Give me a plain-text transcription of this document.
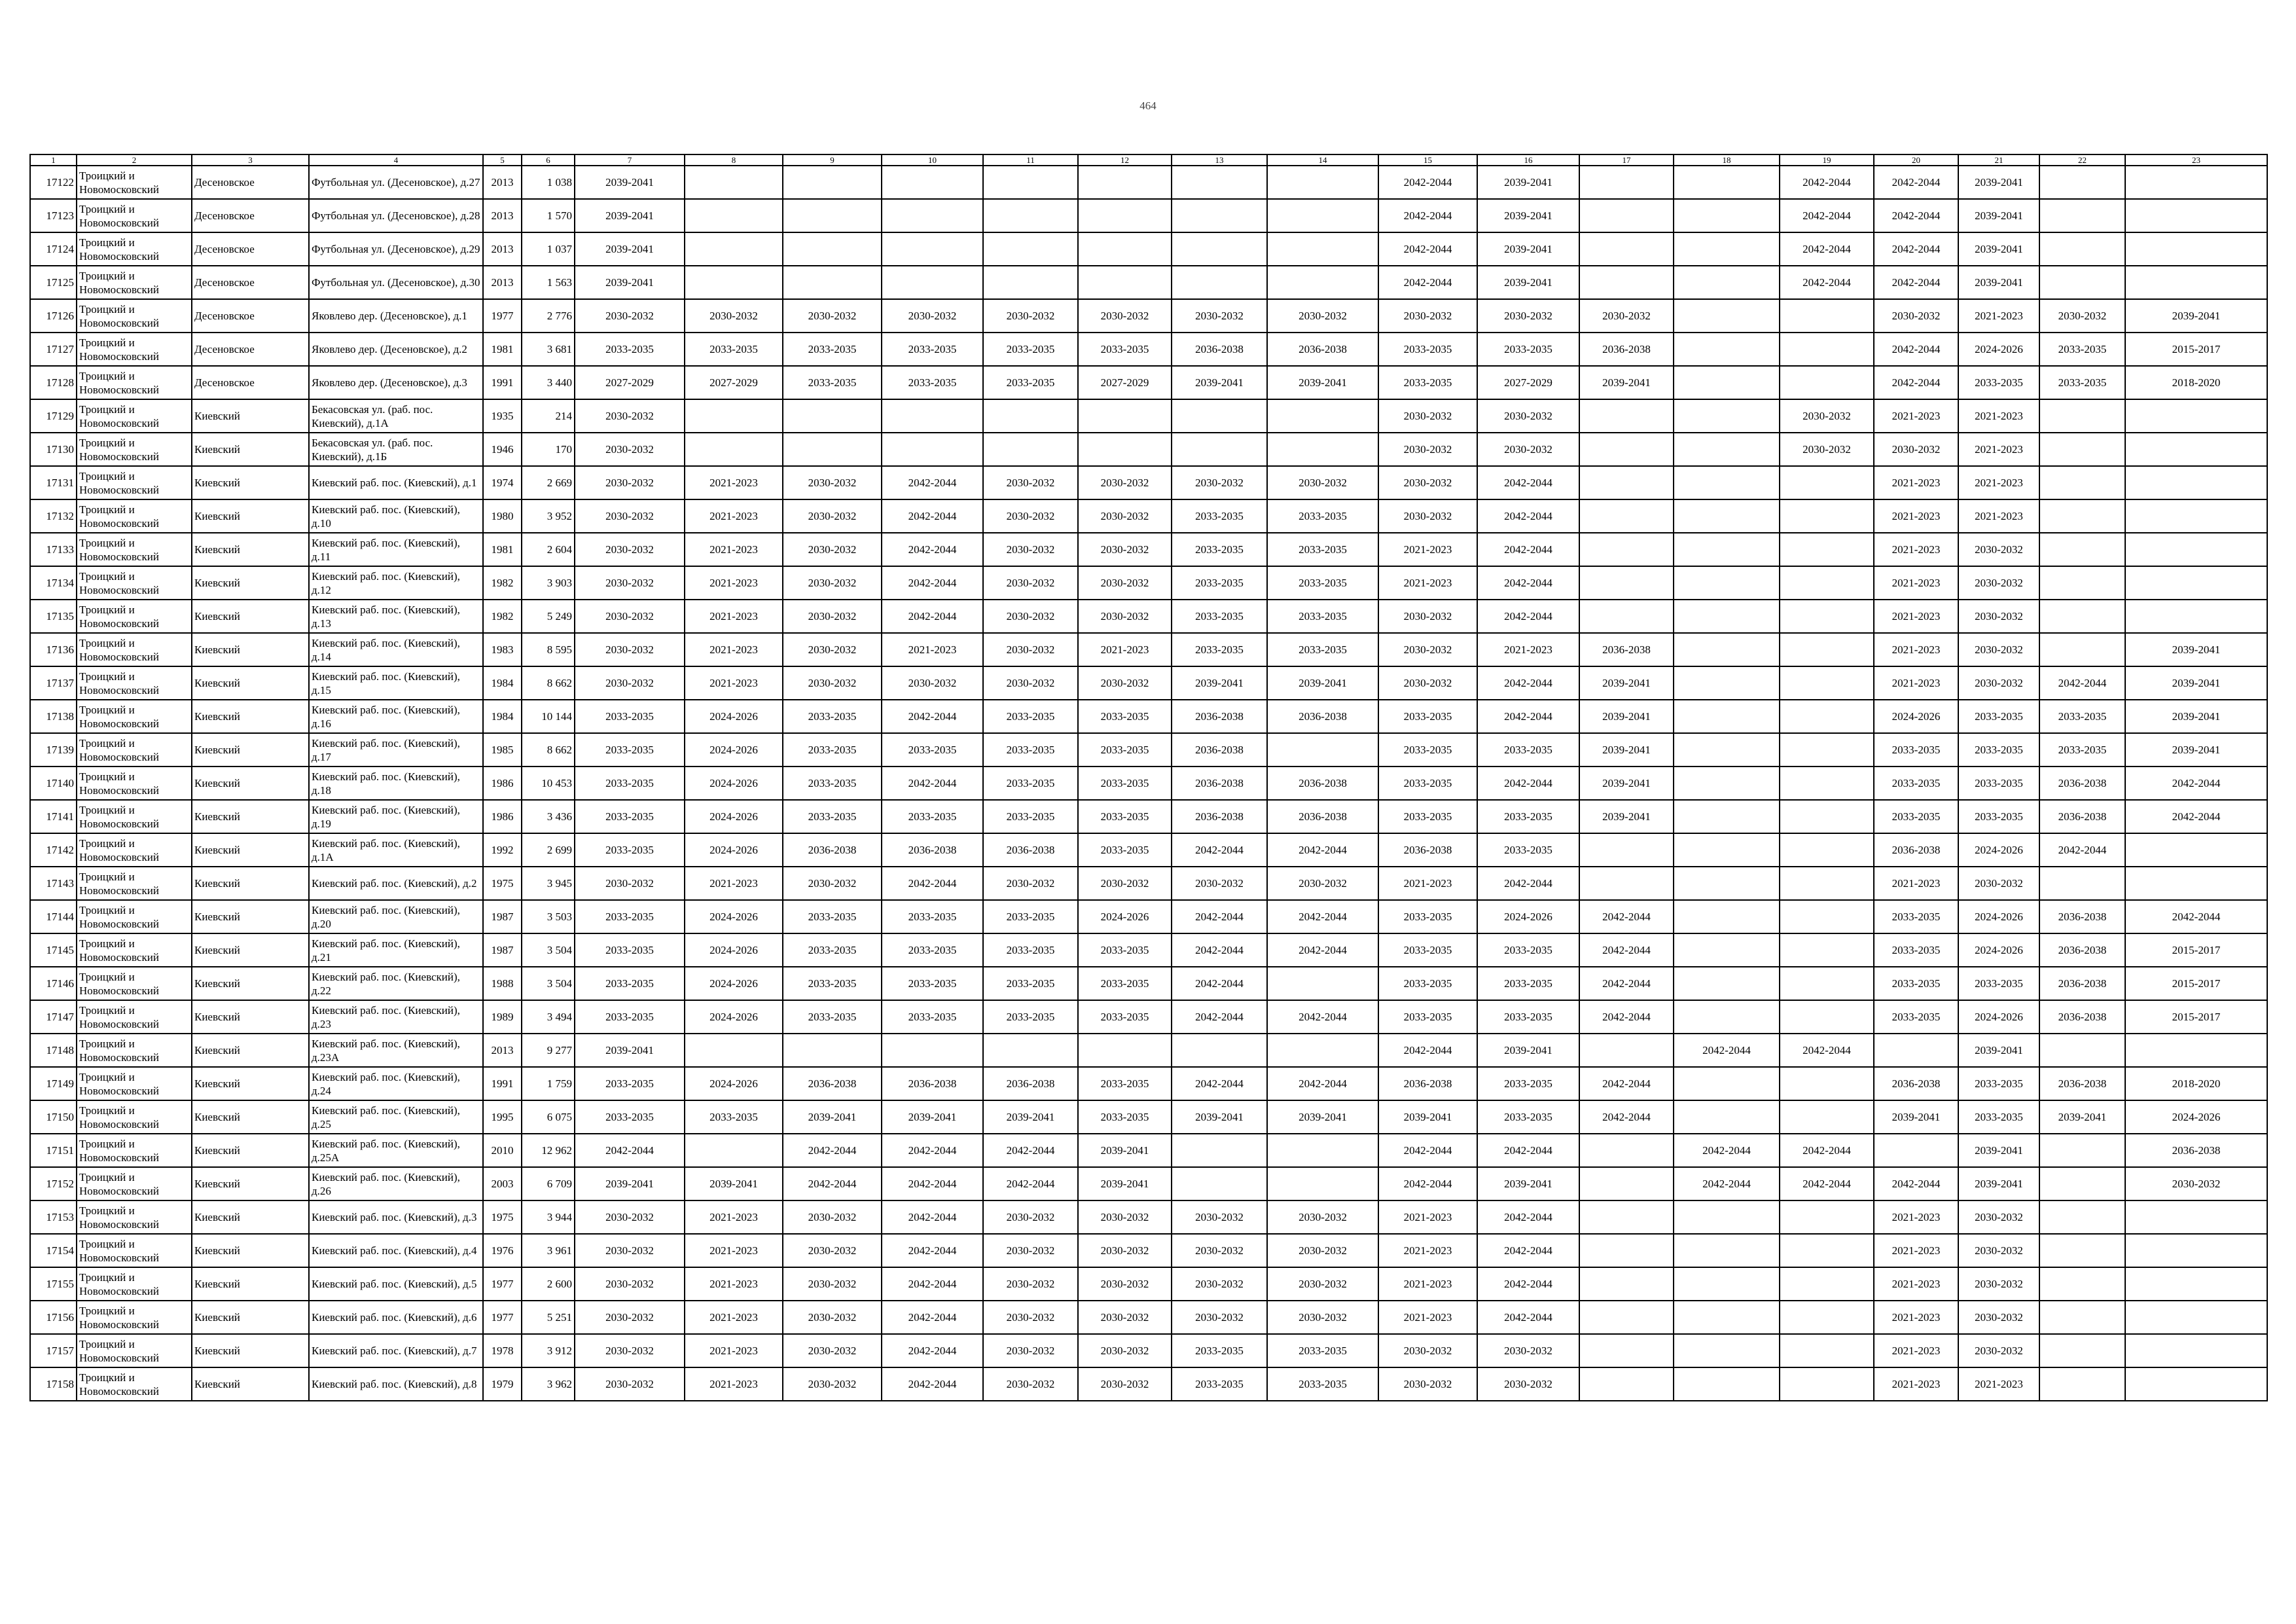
464
1	2	3	4	5	6	7	8	9	10	11	12	13	14	15	16	17	18	19	20	21	22	23
17122	Троицкий и Новомосковский	Десеновское	Футбольная ул. (Десеновское), д.27	2013	1 038	2039-2041								2042-2044	2039-2041			2042-2044	2042-2044	2039-2041		
17123	Троицкий и Новомосковский	Десеновское	Футбольная ул. (Десеновское), д.28	2013	1 570	2039-2041								2042-2044	2039-2041			2042-2044	2042-2044	2039-2041		
17124	Троицкий и Новомосковский	Десеновское	Футбольная ул. (Десеновское), д.29	2013	1 037	2039-2041								2042-2044	2039-2041			2042-2044	2042-2044	2039-2041		
17125	Троицкий и Новомосковский	Десеновское	Футбольная ул. (Десеновское), д.30	2013	1 563	2039-2041								2042-2044	2039-2041			2042-2044	2042-2044	2039-2041		
17126	Троицкий и Новомосковский	Десеновское	Яковлево дер. (Десеновское), д.1	1977	2 776	2030-2032	2030-2032	2030-2032	2030-2032	2030-2032	2030-2032	2030-2032	2030-2032	2030-2032	2030-2032	2030-2032			2030-2032	2021-2023	2030-2032	2039-2041
17127	Троицкий и Новомосковский	Десеновское	Яковлево дер. (Десеновское), д.2	1981	3 681	2033-2035	2033-2035	2033-2035	2033-2035	2033-2035	2033-2035	2036-2038	2036-2038	2033-2035	2033-2035	2036-2038			2042-2044	2024-2026	2033-2035	2015-2017
17128	Троицкий и Новомосковский	Десеновское	Яковлево дер. (Десеновское), д.3	1991	3 440	2027-2029	2027-2029	2033-2035	2033-2035	2033-2035	2027-2029	2039-2041	2039-2041	2033-2035	2027-2029	2039-2041			2042-2044	2033-2035	2033-2035	2018-2020
17129	Троицкий и Новомосковский	Киевский	Бекасовская ул. (раб. пос. Киевский), д.1А	1935	214	2030-2032								2030-2032	2030-2032			2030-2032	2021-2023	2021-2023		
17130	Троицкий и Новомосковский	Киевский	Бекасовская ул. (раб. пос. Киевский), д.1Б	1946	170	2030-2032								2030-2032	2030-2032			2030-2032	2030-2032	2021-2023		
17131	Троицкий и Новомосковский	Киевский	Киевский раб. пос. (Киевский), д.1	1974	2 669	2030-2032	2021-2023	2030-2032	2042-2044	2030-2032	2030-2032	2030-2032	2030-2032	2030-2032	2042-2044				2021-2023	2021-2023		
17132	Троицкий и Новомосковский	Киевский	Киевский раб. пос. (Киевский), д.10	1980	3 952	2030-2032	2021-2023	2030-2032	2042-2044	2030-2032	2030-2032	2033-2035	2033-2035	2030-2032	2042-2044				2021-2023	2021-2023		
17133	Троицкий и Новомосковский	Киевский	Киевский раб. пос. (Киевский), д.11	1981	2 604	2030-2032	2021-2023	2030-2032	2042-2044	2030-2032	2030-2032	2033-2035	2033-2035	2021-2023	2042-2044				2021-2023	2030-2032		
17134	Троицкий и Новомосковский	Киевский	Киевский раб. пос. (Киевский), д.12	1982	3 903	2030-2032	2021-2023	2030-2032	2042-2044	2030-2032	2030-2032	2033-2035	2033-2035	2021-2023	2042-2044				2021-2023	2030-2032		
17135	Троицкий и Новомосковский	Киевский	Киевский раб. пос. (Киевский), д.13	1982	5 249	2030-2032	2021-2023	2030-2032	2042-2044	2030-2032	2030-2032	2033-2035	2033-2035	2030-2032	2042-2044				2021-2023	2030-2032		
17136	Троицкий и Новомосковский	Киевский	Киевский раб. пос. (Киевский), д.14	1983	8 595	2030-2032	2021-2023	2030-2032	2021-2023	2030-2032	2021-2023	2033-2035	2033-2035	2030-2032	2021-2023	2036-2038			2021-2023	2030-2032		2039-2041
17137	Троицкий и Новомосковский	Киевский	Киевский раб. пос. (Киевский), д.15	1984	8 662	2030-2032	2021-2023	2030-2032	2030-2032	2030-2032	2030-2032	2039-2041	2039-2041	2030-2032	2042-2044	2039-2041			2021-2023	2030-2032	2042-2044	2039-2041
17138	Троицкий и Новомосковский	Киевский	Киевский раб. пос. (Киевский), д.16	1984	10 144	2033-2035	2024-2026	2033-2035	2042-2044	2033-2035	2033-2035	2036-2038	2036-2038	2033-2035	2042-2044	2039-2041			2024-2026	2033-2035	2033-2035	2039-2041
17139	Троицкий и Новомосковский	Киевский	Киевский раб. пос. (Киевский), д.17	1985	8 662	2033-2035	2024-2026	2033-2035	2033-2035	2033-2035	2033-2035	2036-2038		2033-2035	2033-2035	2039-2041			2033-2035	2033-2035	2033-2035	2039-2041
17140	Троицкий и Новомосковский	Киевский	Киевский раб. пос. (Киевский), д.18	1986	10 453	2033-2035	2024-2026	2033-2035	2042-2044	2033-2035	2033-2035	2036-2038	2036-2038	2033-2035	2042-2044	2039-2041			2033-2035	2033-2035	2036-2038	2042-2044
17141	Троицкий и Новомосковский	Киевский	Киевский раб. пос. (Киевский), д.19	1986	3 436	2033-2035	2024-2026	2033-2035	2033-2035	2033-2035	2033-2035	2036-2038	2036-2038	2033-2035	2033-2035	2039-2041			2033-2035	2033-2035	2036-2038	2042-2044
17142	Троицкий и Новомосковский	Киевский	Киевский раб. пос. (Киевский), д.1А	1992	2 699	2033-2035	2024-2026	2036-2038	2036-2038	2036-2038	2033-2035	2042-2044	2042-2044	2036-2038	2033-2035				2036-2038	2024-2026	2042-2044	
17143	Троицкий и Новомосковский	Киевский	Киевский раб. пос. (Киевский), д.2	1975	3 945	2030-2032	2021-2023	2030-2032	2042-2044	2030-2032	2030-2032	2030-2032	2030-2032	2021-2023	2042-2044				2021-2023	2030-2032		
17144	Троицкий и Новомосковский	Киевский	Киевский раб. пос. (Киевский), д.20	1987	3 503	2033-2035	2024-2026	2033-2035	2033-2035	2033-2035	2024-2026	2042-2044	2042-2044	2033-2035	2024-2026	2042-2044			2033-2035	2024-2026	2036-2038	2042-2044
17145	Троицкий и Новомосковский	Киевский	Киевский раб. пос. (Киевский), д.21	1987	3 504	2033-2035	2024-2026	2033-2035	2033-2035	2033-2035	2033-2035	2042-2044	2042-2044	2033-2035	2033-2035	2042-2044			2033-2035	2024-2026	2036-2038	2015-2017
17146	Троицкий и Новомосковский	Киевский	Киевский раб. пос. (Киевский), д.22	1988	3 504	2033-2035	2024-2026	2033-2035	2033-2035	2033-2035	2033-2035	2042-2044		2033-2035	2033-2035	2042-2044			2033-2035	2033-2035	2036-2038	2015-2017
17147	Троицкий и Новомосковский	Киевский	Киевский раб. пос. (Киевский), д.23	1989	3 494	2033-2035	2024-2026	2033-2035	2033-2035	2033-2035	2033-2035	2042-2044	2042-2044	2033-2035	2033-2035	2042-2044			2033-2035	2024-2026	2036-2038	2015-2017
17148	Троицкий и Новомосковский	Киевский	Киевский раб. пос. (Киевский), д.23А	2013	9 277	2039-2041								2042-2044	2039-2041		2042-2044	2042-2044		2039-2041		
17149	Троицкий и Новомосковский	Киевский	Киевский раб. пос. (Киевский), д.24	1991	1 759	2033-2035	2024-2026	2036-2038	2036-2038	2036-2038	2033-2035	2042-2044	2042-2044	2036-2038	2033-2035	2042-2044			2036-2038	2033-2035	2036-2038	2018-2020
17150	Троицкий и Новомосковский	Киевский	Киевский раб. пос. (Киевский), д.25	1995	6 075	2033-2035	2033-2035	2039-2041	2039-2041	2039-2041	2033-2035	2039-2041	2039-2041	2039-2041	2033-2035	2042-2044			2039-2041	2033-2035	2039-2041	2024-2026
17151	Троицкий и Новомосковский	Киевский	Киевский раб. пос. (Киевский), д.25А	2010	12 962	2042-2044		2042-2044	2042-2044	2042-2044	2039-2041			2042-2044	2042-2044		2042-2044	2042-2044		2039-2041		2036-2038
17152	Троицкий и Новомосковский	Киевский	Киевский раб. пос. (Киевский), д.26	2003	6 709	2039-2041	2039-2041	2042-2044	2042-2044	2042-2044	2039-2041			2042-2044	2039-2041		2042-2044	2042-2044	2042-2044	2039-2041		2030-2032
17153	Троицкий и Новомосковский	Киевский	Киевский раб. пос. (Киевский), д.3	1975	3 944	2030-2032	2021-2023	2030-2032	2042-2044	2030-2032	2030-2032	2030-2032	2030-2032	2021-2023	2042-2044				2021-2023	2030-2032		
17154	Троицкий и Новомосковский	Киевский	Киевский раб. пос. (Киевский), д.4	1976	3 961	2030-2032	2021-2023	2030-2032	2042-2044	2030-2032	2030-2032	2030-2032	2030-2032	2021-2023	2042-2044				2021-2023	2030-2032		
17155	Троицкий и Новомосковский	Киевский	Киевский раб. пос. (Киевский), д.5	1977	2 600	2030-2032	2021-2023	2030-2032	2042-2044	2030-2032	2030-2032	2030-2032	2030-2032	2021-2023	2042-2044				2021-2023	2030-2032		
17156	Троицкий и Новомосковский	Киевский	Киевский раб. пос. (Киевский), д.6	1977	5 251	2030-2032	2021-2023	2030-2032	2042-2044	2030-2032	2030-2032	2030-2032	2030-2032	2021-2023	2042-2044				2021-2023	2030-2032		
17157	Троицкий и Новомосковский	Киевский	Киевский раб. пос. (Киевский), д.7	1978	3 912	2030-2032	2021-2023	2030-2032	2042-2044	2030-2032	2030-2032	2033-2035	2033-2035	2030-2032	2030-2032				2021-2023	2030-2032		
17158	Троицкий и Новомосковский	Киевский	Киевский раб. пос. (Киевский), д.8	1979	3 962	2030-2032	2021-2023	2030-2032	2042-2044	2030-2032	2030-2032	2033-2035	2033-2035	2030-2032	2030-2032				2021-2023	2021-2023		
